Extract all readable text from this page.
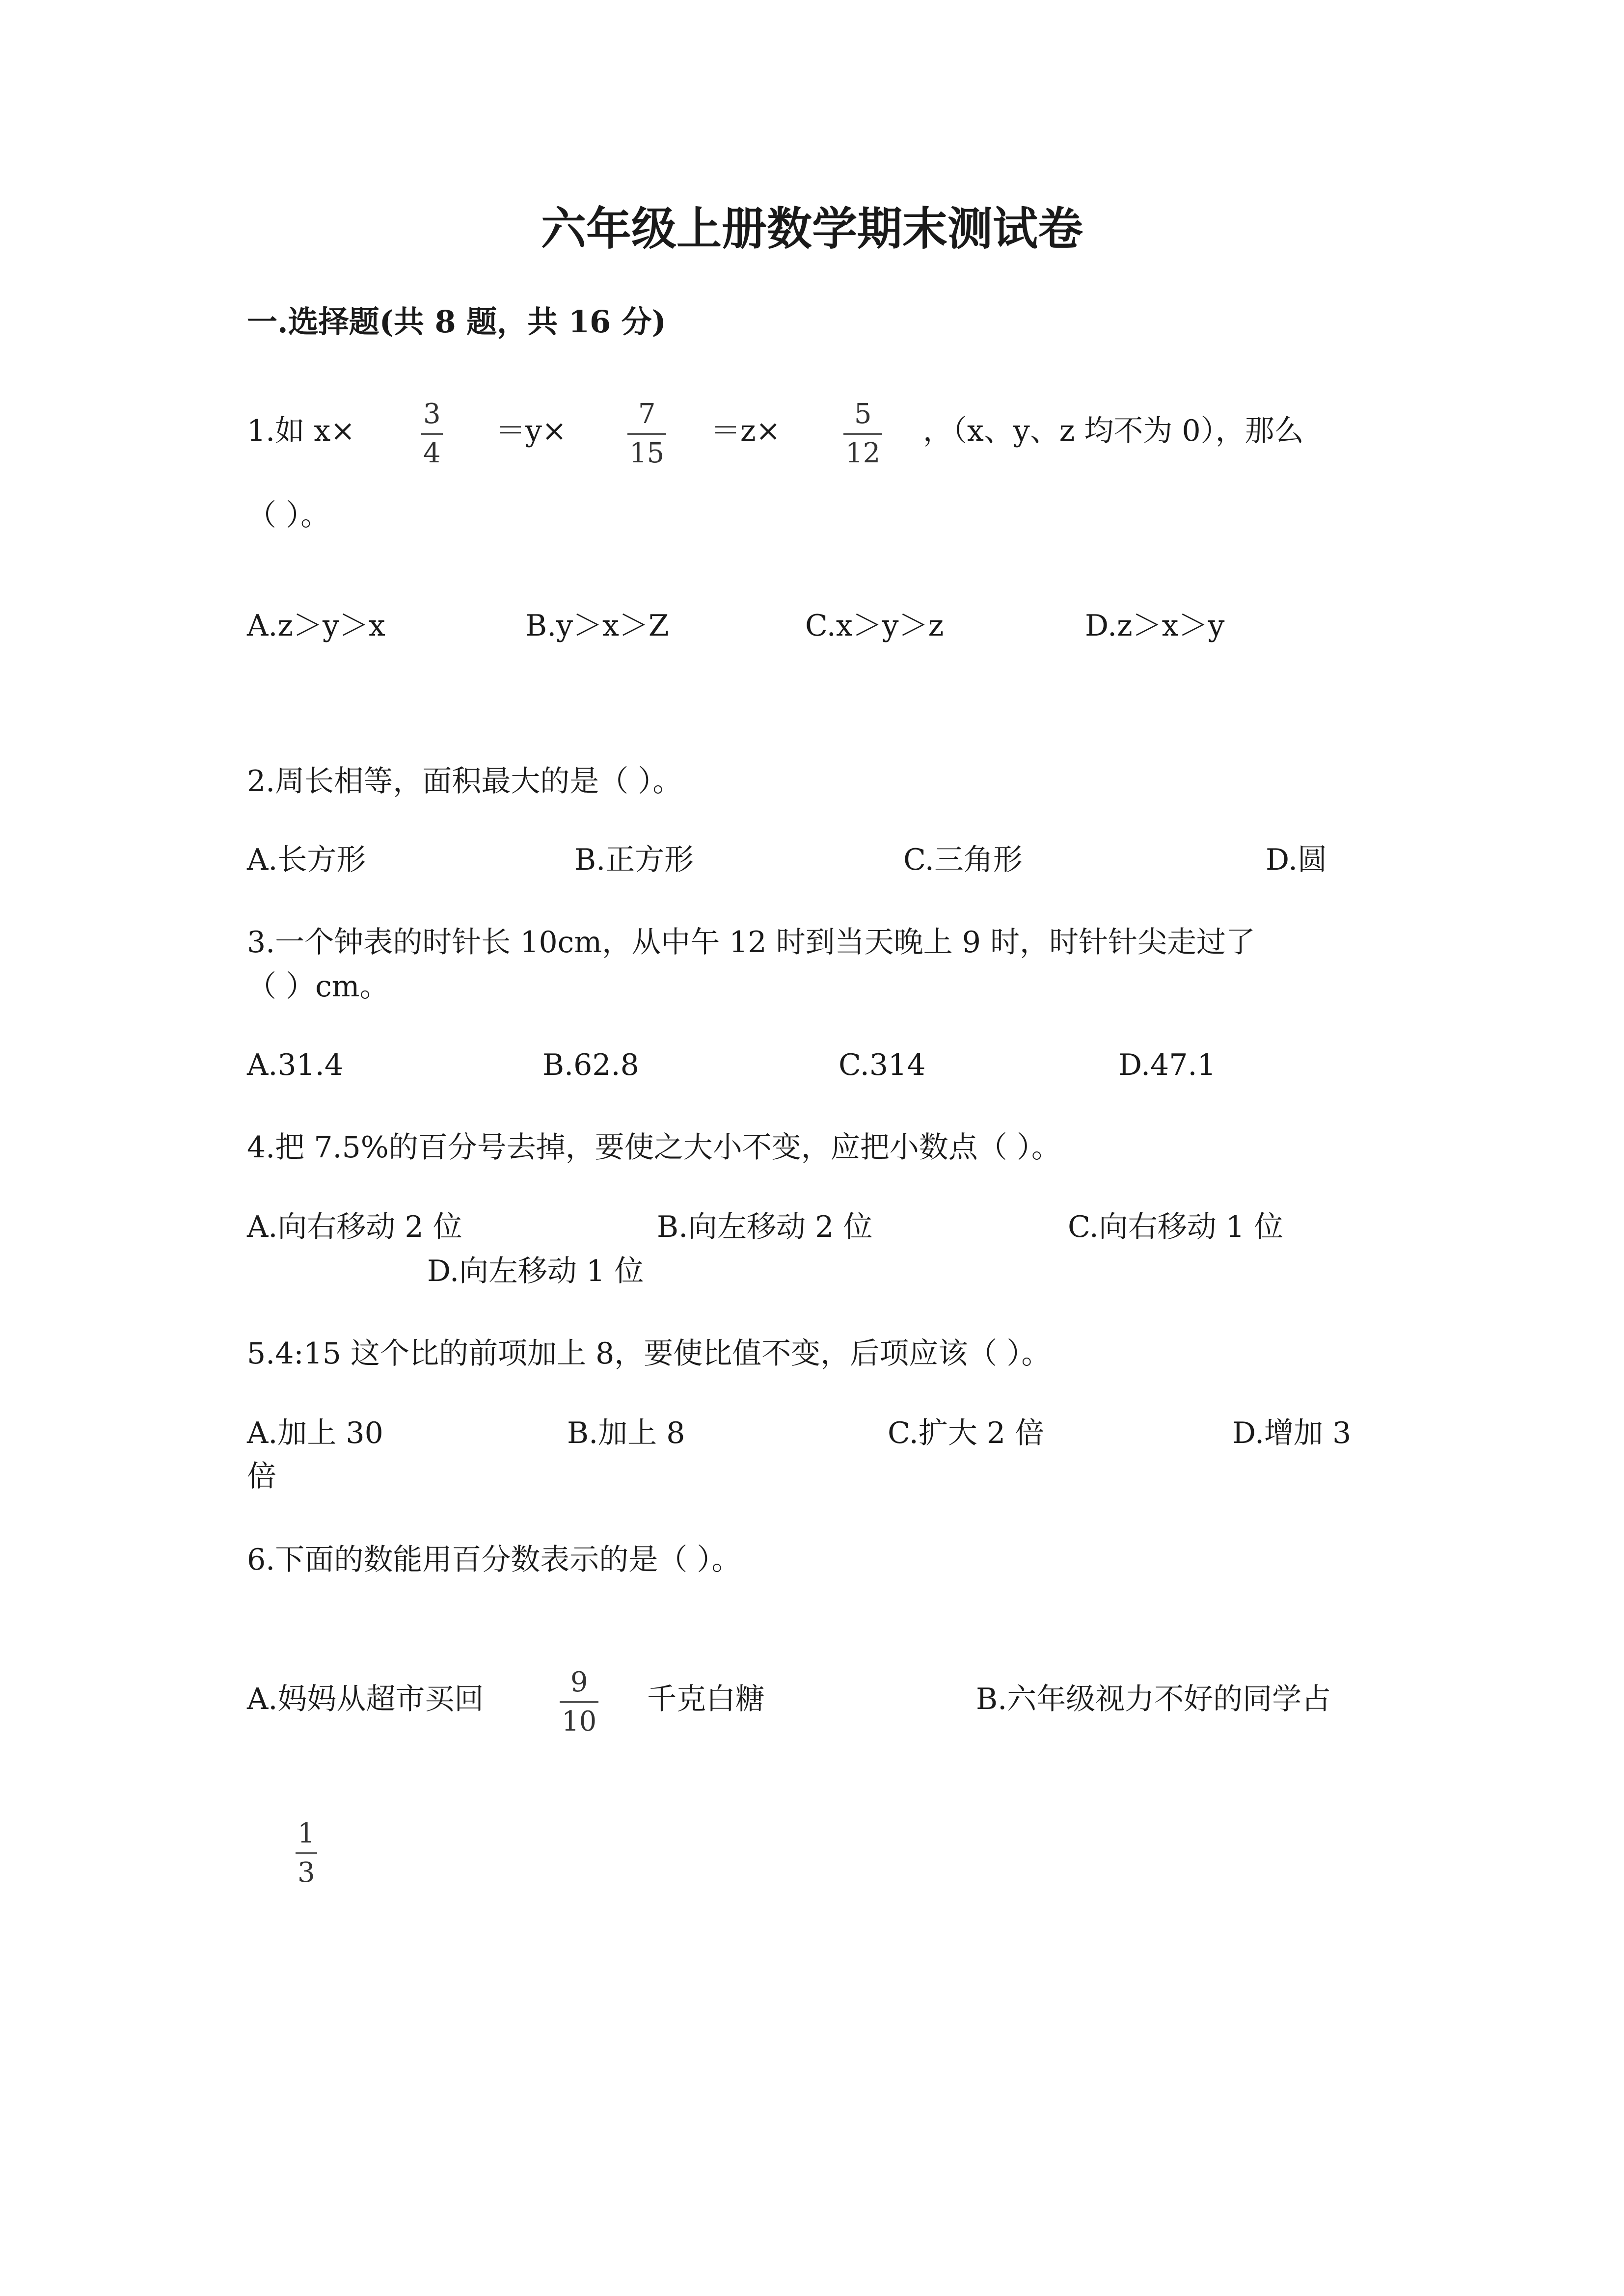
六年级上册数学期末测试卷
一.选择题(共 8 题，共 16 分)
1.如 x× 3
4
＝y×	7
15
＝z×	5
12
，（x、y、z 均不为 0），那么
（ ）。
A.z＞y＞x	B.y＞x＞Z	C.x＞y＞z	D.z＞x＞y
2.周长相等，面积最大的是（ ）。
A.长方形	B.正方形	C.三角形	D.圆
3.一个钟表的时针长 10cm，从中午 12 时到当天晚上 9 时，时针针尖走过了
（ ）cm。
A.31.4	B.62.8	C.314	D.47.1
4.把 7.5%的百分号去掉，要使之大小不变，应把小数点（ ）。
A.向右移动 2 位	B.向左移动 2 位	C.向右移动 1 位
D.向左移动 1 位
5.4:15 这个比的前项加上 8，要使比值不变，后项应该（ ）。
A.加上 30	B.加上 8	C.扩大 2 倍	D.增加 3
倍
6.下面的数能用百分数表示的是（ ）。
A.妈妈从超市买回	9
10
千克白糖	B.六年级视力不好的同学占
1
3
